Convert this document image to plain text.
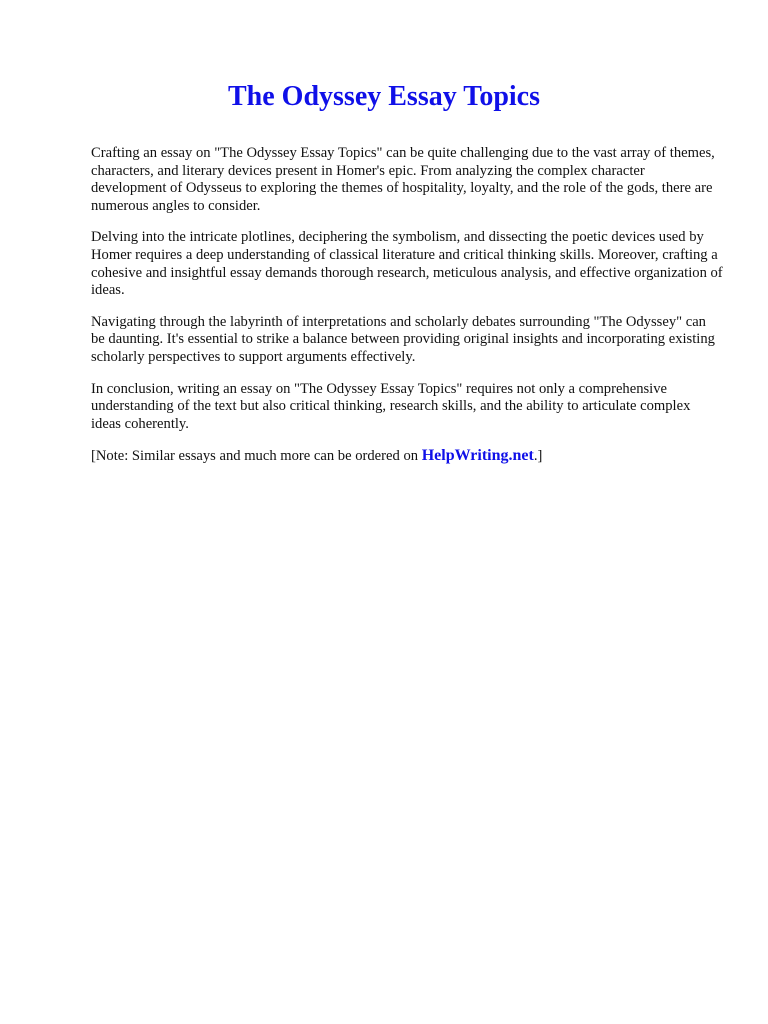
The Odyssey Essay Topics

Crafting an essay on "The Odyssey Essay Topics" can be quite challenging due to the vast array of themes, characters, and literary devices present in Homer's epic. From analyzing the complex character development of Odysseus to exploring the themes of hospitality, loyalty, and the role of the gods, there are numerous angles to consider.

Delving into the intricate plotlines, deciphering the symbolism, and dissecting the poetic devices used by Homer requires a deep understanding of classical literature and critical thinking skills. Moreover, crafting a cohesive and insightful essay demands thorough research, meticulous analysis, and effective organization of ideas.

Navigating through the labyrinth of interpretations and scholarly debates surrounding "The Odyssey" can be daunting. It's essential to strike a balance between providing original insights and incorporating existing scholarly perspectives to support arguments effectively.

In conclusion, writing an essay on "The Odyssey Essay Topics" requires not only a comprehensive understanding of the text but also critical thinking, research skills, and the ability to articulate complex ideas coherently.

[Note: Similar essays and much more can be ordered on HelpWriting.net.]
